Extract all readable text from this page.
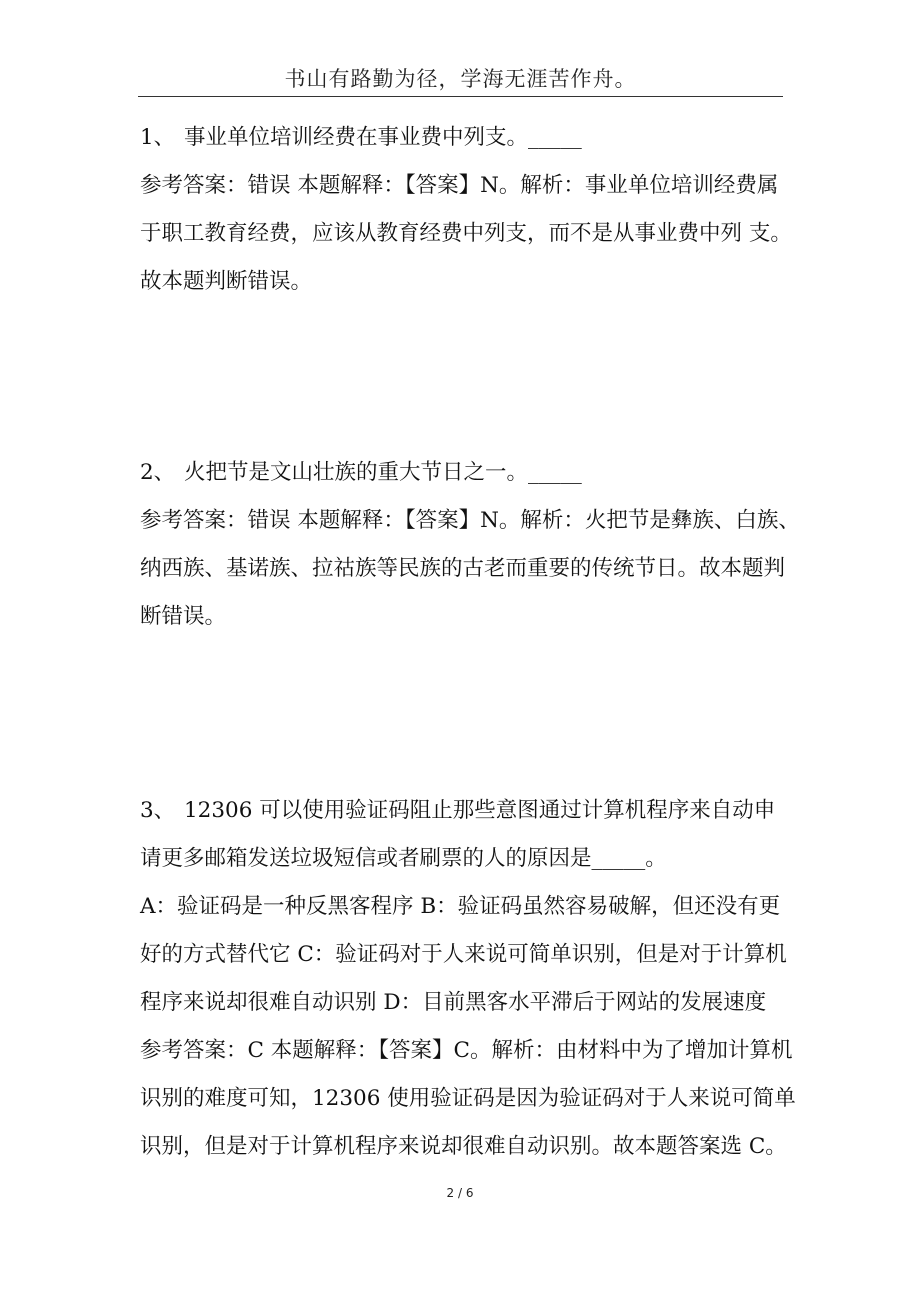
书山有路勤为径，学海无涯苦作舟。
1、 事业单位培训经费在事业费中列支。_____
参考答案：错误 本题解释：【答案】N。解析：事业单位培训经费属
于职工教育经费，应该从教育经费中列支，而不是从事业费中列 支。
故本题判断错误。
2、 火把节是文山壮族的重大节日之一。_____
参考答案：错误 本题解释：【答案】N。解析：火把节是彝族、白族、
纳西族、基诺族、拉祜族等民族的古老而重要的传统节日。故本题判
断错误。
3、 12306 可以使用验证码阻止那些意图通过计算机程序来自动申
请更多邮箱发送垃圾短信或者刷票的人的原因是_____。
A：验证码是一种反黑客程序 B：验证码虽然容易破解，但还没有更
好的方式替代它 C：验证码对于人来说可简单识别，但是对于计算机
程序来说却很难自动识别 D：目前黑客水平滞后于网站的发展速度
参考答案：C 本题解释：【答案】C。解析：由材料中为了增加计算机
识别的难度可知，12306 使用验证码是因为验证码对于人来说可简单
识别，但是对于计算机程序来说却很难自动识别。故本题答案选 C。
2 / 6
